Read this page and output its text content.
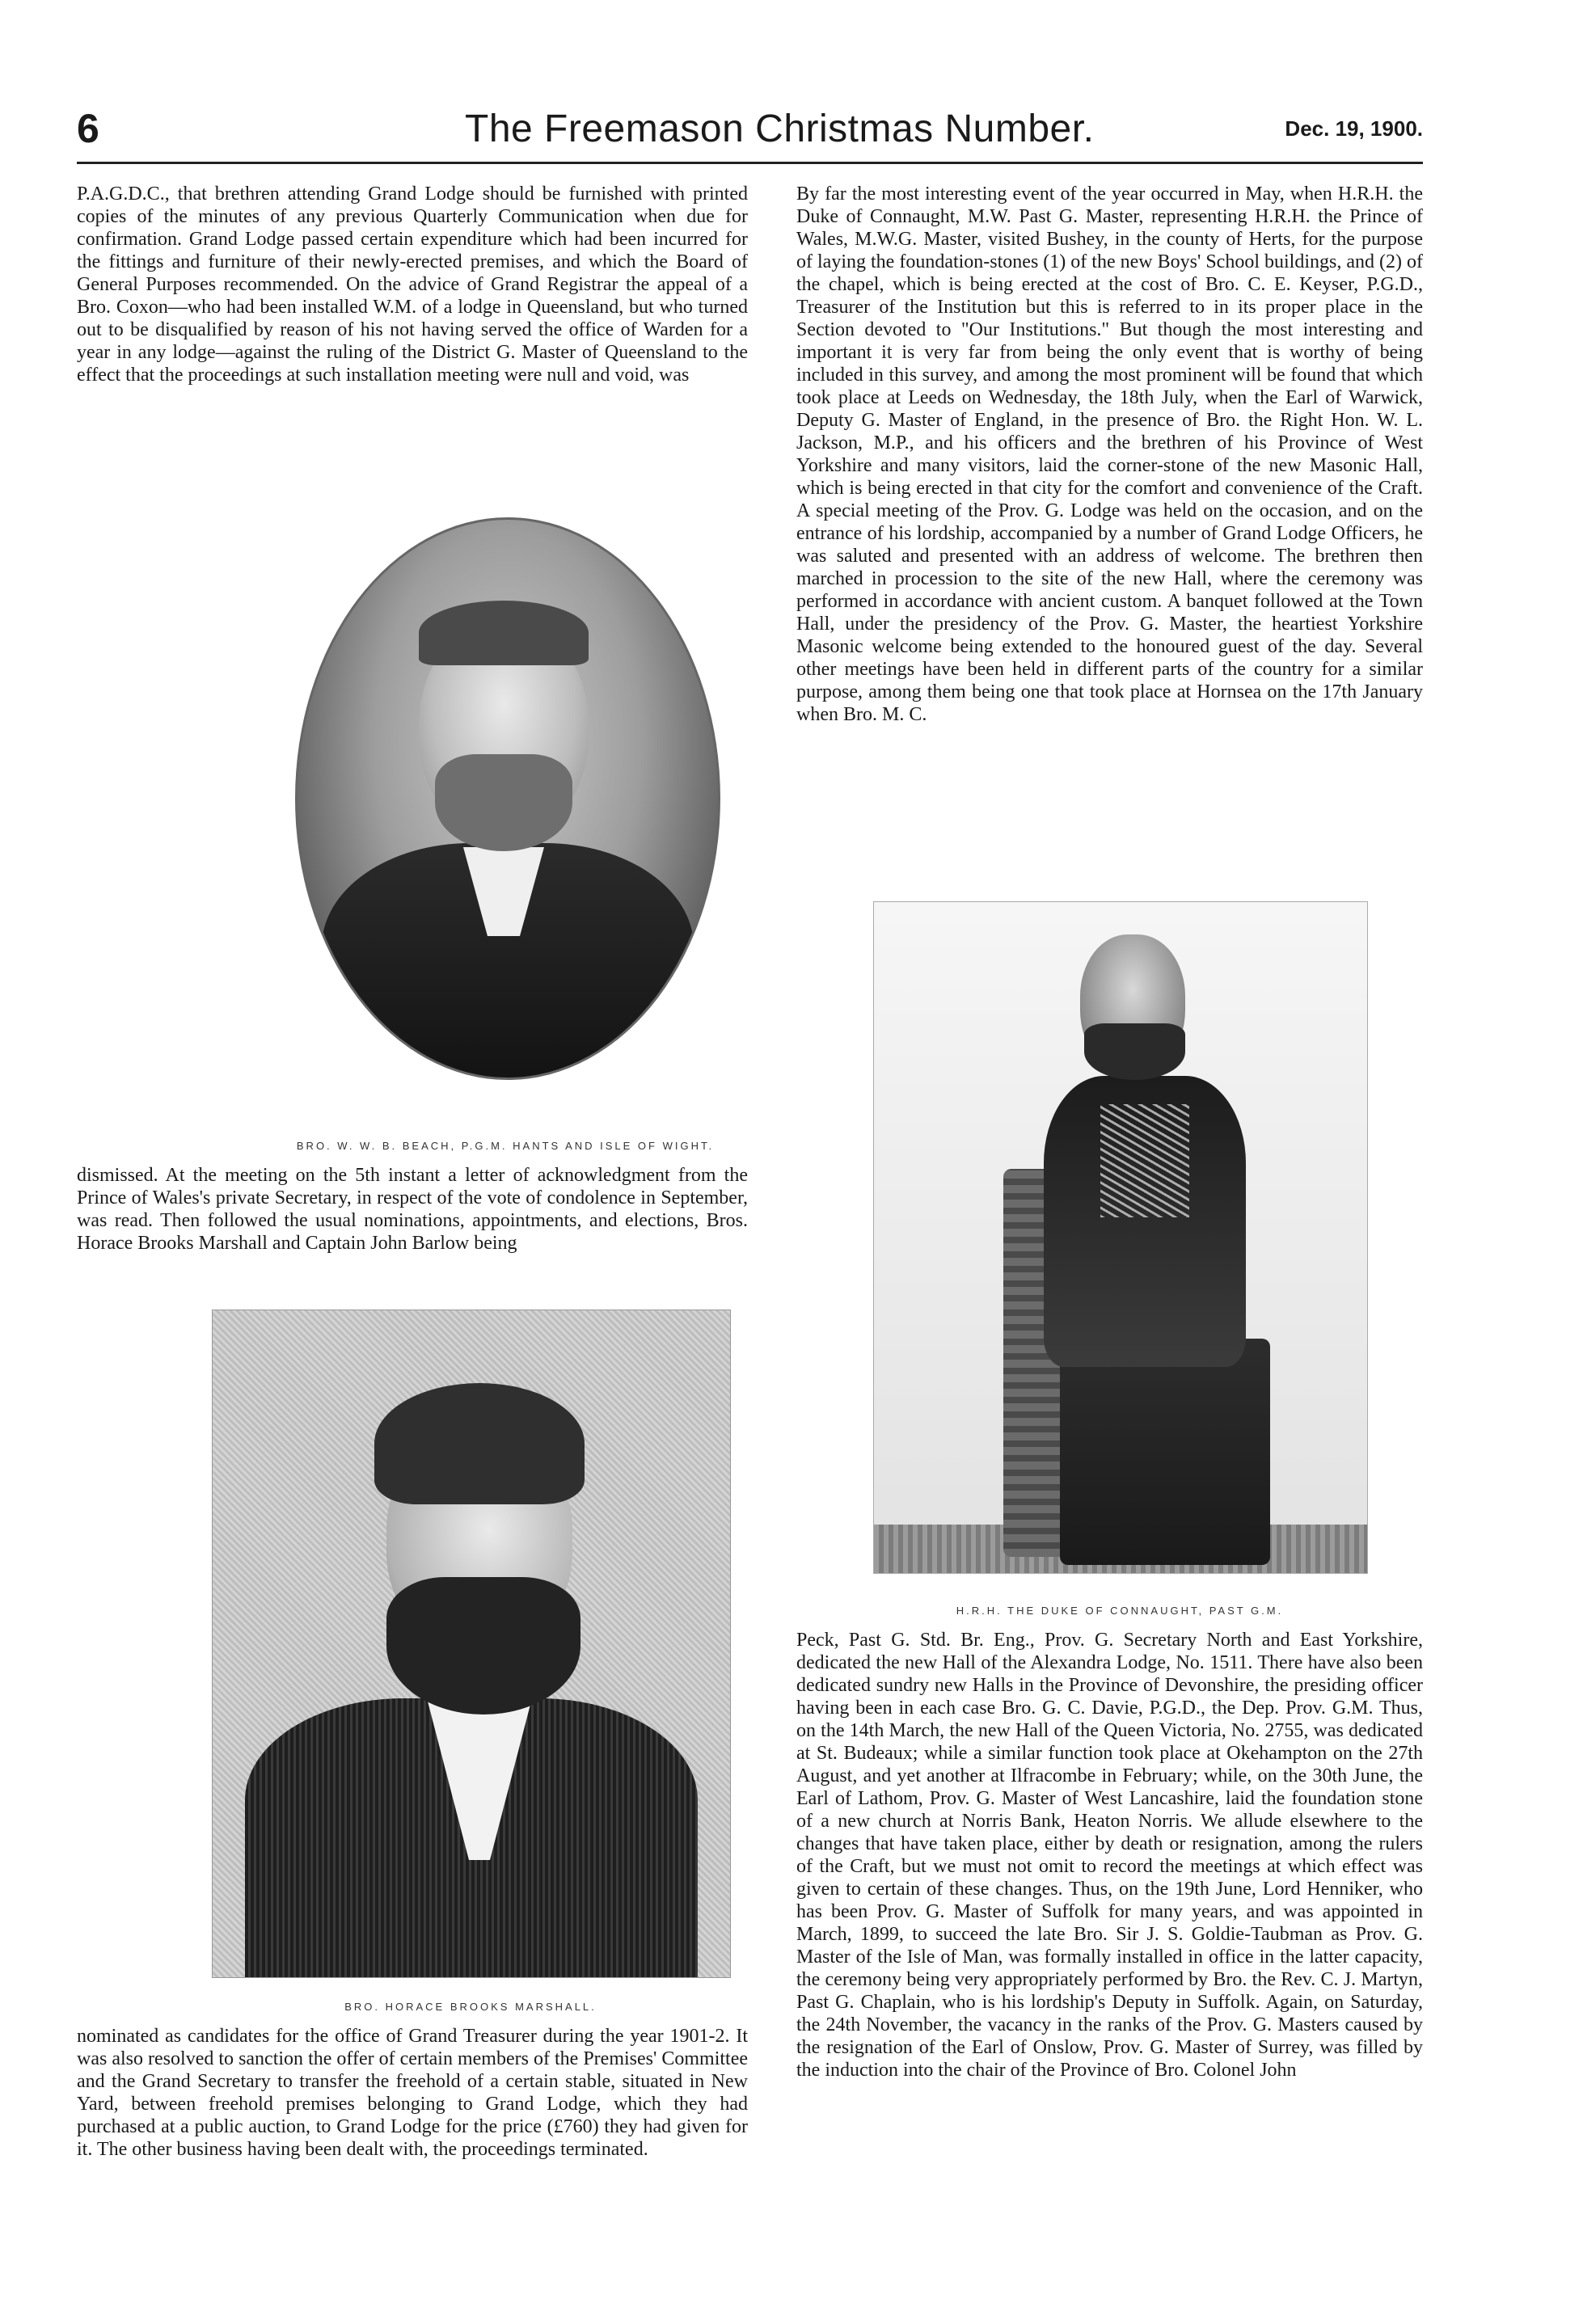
6	The Freemason Christmas Number.	Dec. 19, 1900.

P.A.G.D.C., that brethren attending Grand Lodge should be furnished with printed copies of the minutes of any previous Quarterly Communication when due for confirmation. Grand Lodge passed certain expenditure which had been incurred for the fittings and furniture of their newly-erected premises, and which the Board of General Purposes recommended. On the advice of Grand Registrar the appeal of a Bro. Coxon—who had been installed W.M. of a lodge in Queensland, but who turned out to be disqualified by reason of his not having served the office of Warden for a year in any lodge—against the ruling of the District G. Master of Queensland to the effect that the proceedings at such installation meeting were null and void, was

BRO. W. W. B. BEACH, P.G.M. HANTS AND ISLE OF WIGHT.

dismissed. At the meeting on the 5th instant a letter of acknowledgment from the Prince of Wales's private Secretary, in respect of the vote of condolence in September, was read. Then followed the usual nominations, appointments, and elections, Bros. Horace Brooks Marshall and Captain John Barlow being

BRO. HORACE BROOKS MARSHALL.

nominated as candidates for the office of Grand Treasurer during the year 1901-2. It was also resolved to sanction the offer of certain members of the Premises' Committee and the Grand Secretary to transfer the freehold of a certain stable, situated in New Yard, between freehold premises belonging to Grand Lodge, which they had purchased at a public auction, to Grand Lodge for the price (£760) they had given for it. The other business having been dealt with, the proceedings terminated.

By far the most interesting event of the year occurred in May, when H.R.H. the Duke of Connaught, M.W. Past G. Master, representing H.R.H. the Prince of Wales, M.W.G. Master, visited Bushey, in the county of Herts, for the purpose of laying the foundation-stones (1) of the new Boys' School buildings, and (2) of the chapel, which is being erected at the cost of Bro. C. E. Keyser, P.G.D., Treasurer of the Institution but this is referred to in its proper place in the Section devoted to "Our Institutions." But though the most interesting and important it is very far from being the only event that is worthy of being included in this survey, and among the most prominent will be found that which took place at Leeds on Wednesday, the 18th July, when the Earl of Warwick, Deputy G. Master of England, in the presence of Bro. the Right Hon. W. L. Jackson, M.P., and his officers and the brethren of his Province of West Yorkshire and many visitors, laid the corner-stone of the new Masonic Hall, which is being erected in that city for the comfort and convenience of the Craft. A special meeting of the Prov. G. Lodge was held on the occasion, and on the entrance of his lordship, accompanied by a number of Grand Lodge Officers, he was saluted and presented with an address of welcome. The brethren then marched in procession to the site of the new Hall, where the ceremony was performed in accordance with ancient custom. A banquet followed at the Town Hall, under the presidency of the Prov. G. Master, the heartiest Yorkshire Masonic welcome being extended to the honoured guest of the day. Several other meetings have been held in different parts of the country for a similar purpose, among them being one that took place at Hornsea on the 17th January when Bro. M. C.

H.R.H. THE DUKE OF CONNAUGHT, PAST G.M.

Peck, Past G. Std. Br. Eng., Prov. G. Secretary North and East Yorkshire, dedicated the new Hall of the Alexandra Lodge, No. 1511. There have also been dedicated sundry new Halls in the Province of Devonshire, the presiding officer having been in each case Bro. G. C. Davie, P.G.D., the Dep. Prov. G.M. Thus, on the 14th March, the new Hall of the Queen Victoria, No. 2755, was dedicated at St. Budeaux; while a similar function took place at Okehampton on the 27th August, and yet another at Ilfracombe in February; while, on the 30th June, the Earl of Lathom, Prov. G. Master of West Lancashire, laid the foundation stone of a new church at Norris Bank, Heaton Norris. We allude elsewhere to the changes that have taken place, either by death or resignation, among the rulers of the Craft, but we must not omit to record the meetings at which effect was given to certain of these changes. Thus, on the 19th June, Lord Henniker, who has been Prov. G. Master of Suffolk for many years, and was appointed in March, 1899, to succeed the late Bro. Sir J. S. Goldie-Taubman as Prov. G. Master of the Isle of Man, was formally installed in office in the latter capacity, the ceremony being very appropriately performed by Bro. the Rev. C. J. Martyn, Past G. Chaplain, who is his lordship's Deputy in Suffolk. Again, on Saturday, the 24th November, the vacancy in the ranks of the Prov. G. Masters caused by the resignation of the Earl of Onslow, Prov. G. Master of Surrey, was filled by the induction into the chair of the Province of Bro. Colonel John
